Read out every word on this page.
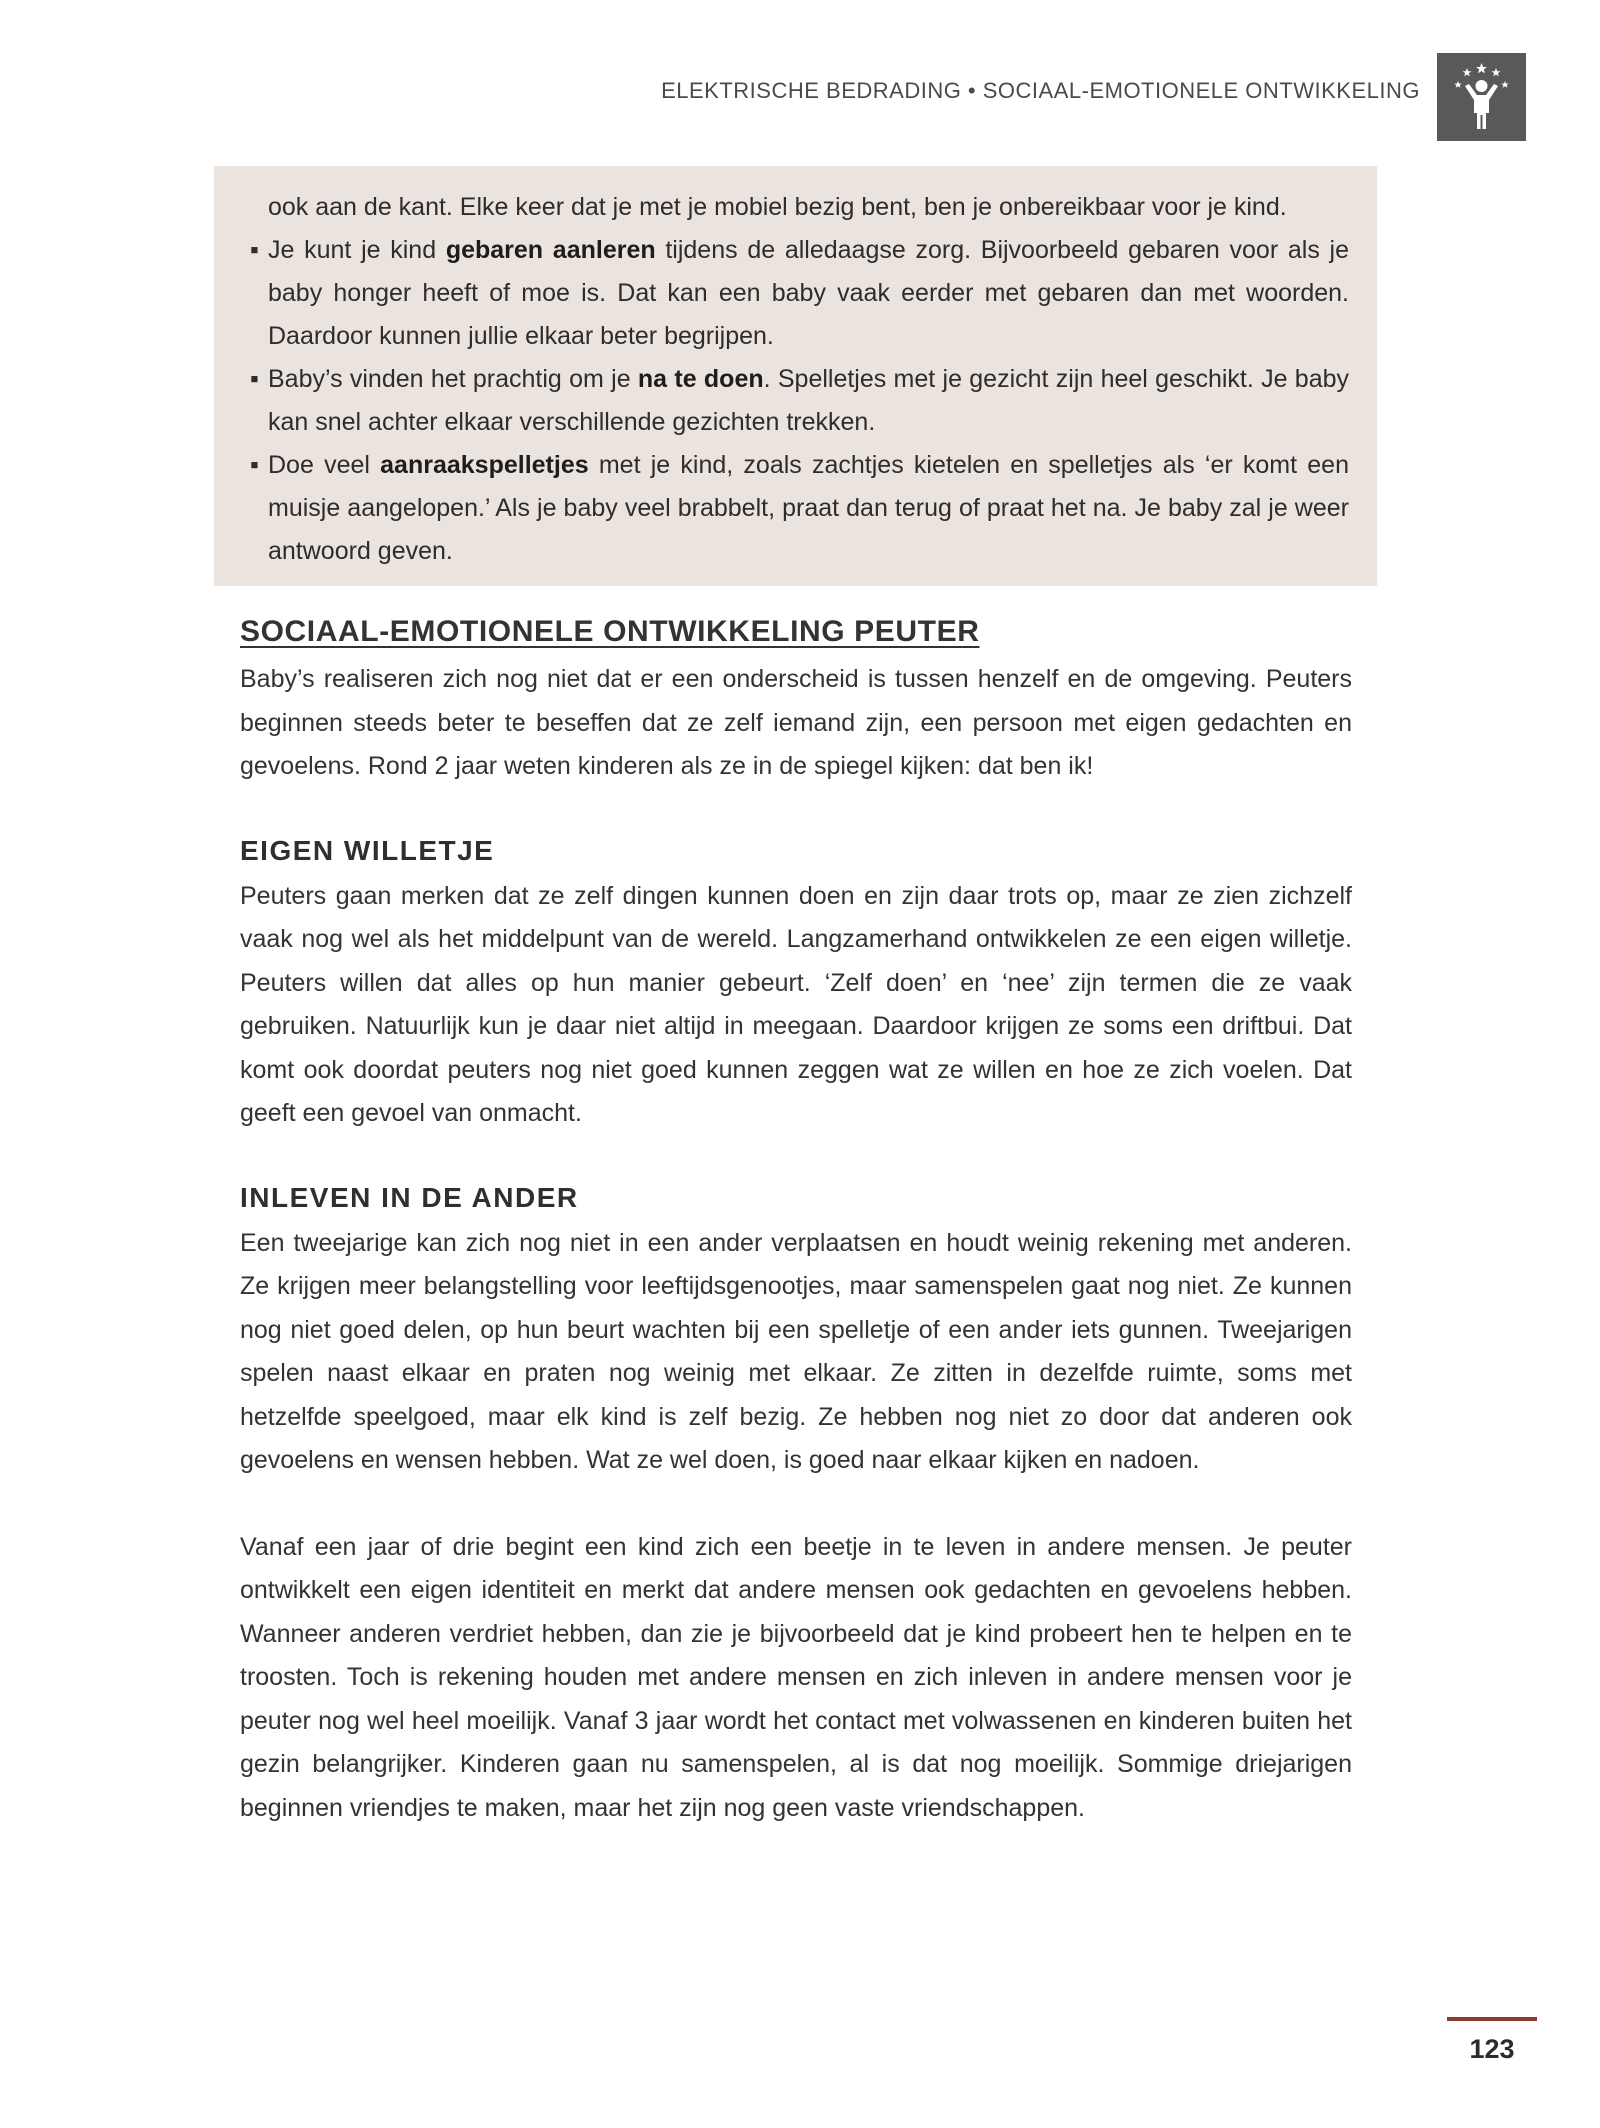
ELEKTRISCHE BEDRADING • SOCIAAL-EMOTIONELE ONTWIKKELING

ook aan de kant. Elke keer dat je met je mobiel bezig bent, ben je onbereikbaar voor je kind.

▪ Je kunt je kind gebaren aanleren tijdens de alledaagse zorg. Bijvoorbeeld gebaren voor als je baby honger heeft of moe is. Dat kan een baby vaak eerder met gebaren dan met woorden. Daardoor kunnen jullie elkaar beter begrijpen.
▪ Baby’s vinden het prachtig om je na te doen. Spelletjes met je gezicht zijn heel geschikt. Je baby kan snel achter elkaar verschillende gezichten trekken.
▪ Doe veel aanraakspelletjes met je kind, zoals zachtjes kietelen en spelletjes als ‘er komt een muisje aangelopen.’ Als je baby veel brabbelt, praat dan terug of praat het na. Je baby zal je weer antwoord geven.
SOCIAAL-EMOTIONELE ONTWIKKELING PEUTER

Baby’s realiseren zich nog niet dat er een onderscheid is tussen henzelf en de omgeving. Peuters beginnen steeds beter te beseffen dat ze zelf iemand zijn, een persoon met eigen gedachten en gevoelens. Rond 2 jaar weten kinderen als ze in de spiegel kijken: dat ben ik!

EIGEN WILLETJE

Peuters gaan merken dat ze zelf dingen kunnen doen en zijn daar trots op, maar ze zien zichzelf vaak nog wel als het middelpunt van de wereld. Langzamerhand ontwikkelen ze een eigen willetje. Peuters willen dat alles op hun manier gebeurt. ‘Zelf doen’ en ‘nee’ zijn termen die ze vaak gebruiken. Natuurlijk kun je daar niet altijd in meegaan. Daardoor krijgen ze soms een driftbui. Dat komt ook doordat peuters nog niet goed kunnen zeggen wat ze willen en hoe ze zich voelen. Dat geeft een gevoel van onmacht.

INLEVEN IN DE ANDER

Een tweejarige kan zich nog niet in een ander verplaatsen en houdt weinig rekening met anderen. Ze krijgen meer belangstelling voor leeftijdsgenootjes, maar samenspelen gaat nog niet. Ze kunnen nog niet goed delen, op hun beurt wachten bij een spelletje of een ander iets gunnen. Tweejarigen spelen naast elkaar en praten nog weinig met elkaar. Ze zitten in dezelfde ruimte, soms met hetzelfde speelgoed, maar elk kind is zelf bezig. Ze hebben nog niet zo door dat anderen ook gevoelens en wensen hebben. Wat ze wel doen, is goed naar elkaar kijken en nadoen.

Vanaf een jaar of drie begint een kind zich een beetje in te leven in andere mensen. Je peuter ontwikkelt een eigen identiteit en merkt dat andere mensen ook gedachten en gevoelens hebben. Wanneer anderen verdriet hebben, dan zie je bijvoorbeeld dat je kind probeert hen te helpen en te troosten. Toch is rekening houden met andere mensen en zich inleven in andere mensen voor je peuter nog wel heel moeilijk. Vanaf 3 jaar wordt het contact met volwassenen en kinderen buiten het gezin belangrijker. Kinderen gaan nu samenspelen, al is dat nog moeilijk. Sommige driejarigen beginnen vriendjes te maken, maar het zijn nog geen vaste vriendschappen.

123
